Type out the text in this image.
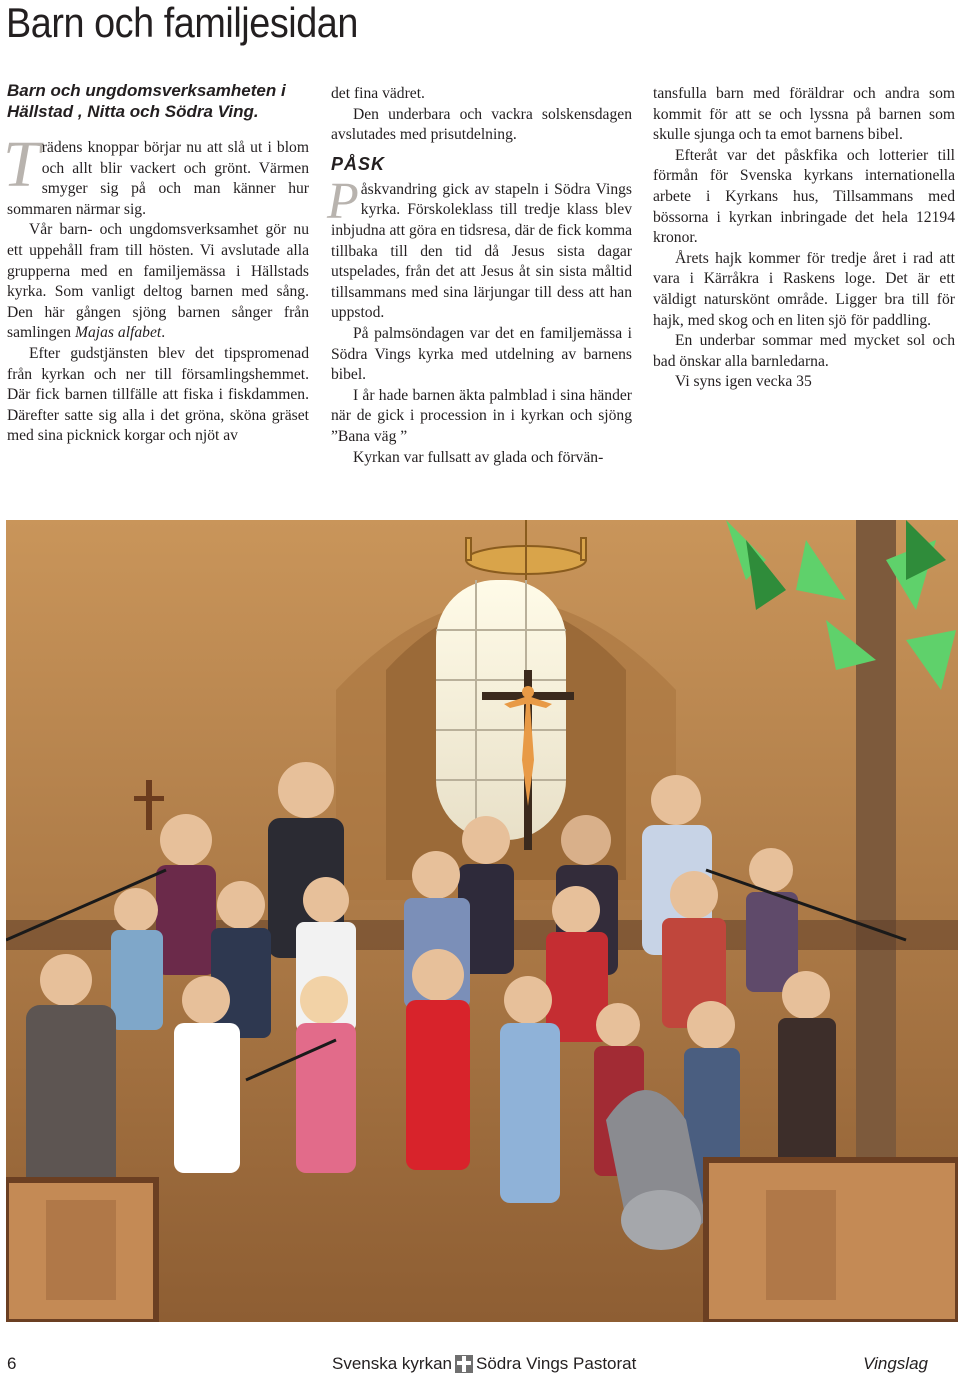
Barn och familjesidan
Barn och ungdomsverksamheten i Hällstad , Nitta och Södra Ving.

Trädens knoppar börjar nu att slå ut i blom och allt blir vackert och grönt. Värmen smyger sig på och man känner hur sommaren närmar sig.

Vår barn- och ungdomsverksamhet gör nu ett uppehåll fram till hösten. Vi avslutade alla grupperna med en familjemässa i Hällstads kyrka. Som vanligt deltog barnen med sång. Den här gången sjöng barnen sånger från samlingen Majas alfabet.

Efter gudstjänsten blev det tipspromenad från kyrkan och ner till församlingshemmet. Där fick barnen tillfälle att fiska i fiskdammen. Därefter satte sig alla i det gröna, sköna gräset med sina picknick korgar och njöt av

det fina vädret.

Den underbara och vackra solskensdagen avslutades med prisutdelning.

PÅSK

Påskvandring gick av stapeln i Södra Vings kyrka. Förskoleklass till tredje klass blev inbjudna att göra en tidsresa, där de fick komma tillbaka till den tid då Jesus sista dagar utspelades, från det att Jesus åt sin sista måltid tillsammans med sina lärjungar till dess att han uppstod.

På palmsöndagen var det en familjemässa i Södra Vings kyrka med utdelning av barnens bibel.

I år hade barnen äkta palmblad i sina händer när de gick i procession in i kyrkan och sjöng ”Bana väg ”

Kyrkan var fullsatt av glada och förvän-

tansfulla barn med föräldrar och andra som kommit för att se och lyssna på barnen som skulle sjunga och ta emot barnens bibel.

Efteråt var det påskfika och lotterier till förmån för Svenska kyrkans internationella arbete i Kyrkans hus, Tillsammans med bössorna i kyrkan inbringade det hela 12194 kronor.

Årets hajk kommer för tredje året i rad att vara i Kärråkra i Raskens loge. Det är ett väldigt naturskönt område. Ligger bra till för hajk, med skog och en liten sjö för paddling.

En underbar sommar med mycket sol och bad önskar alla barnledarna.

Vi syns igen vecka 35

6	Svenska kyrkan Södra Vings Pastorat	Vingslag
